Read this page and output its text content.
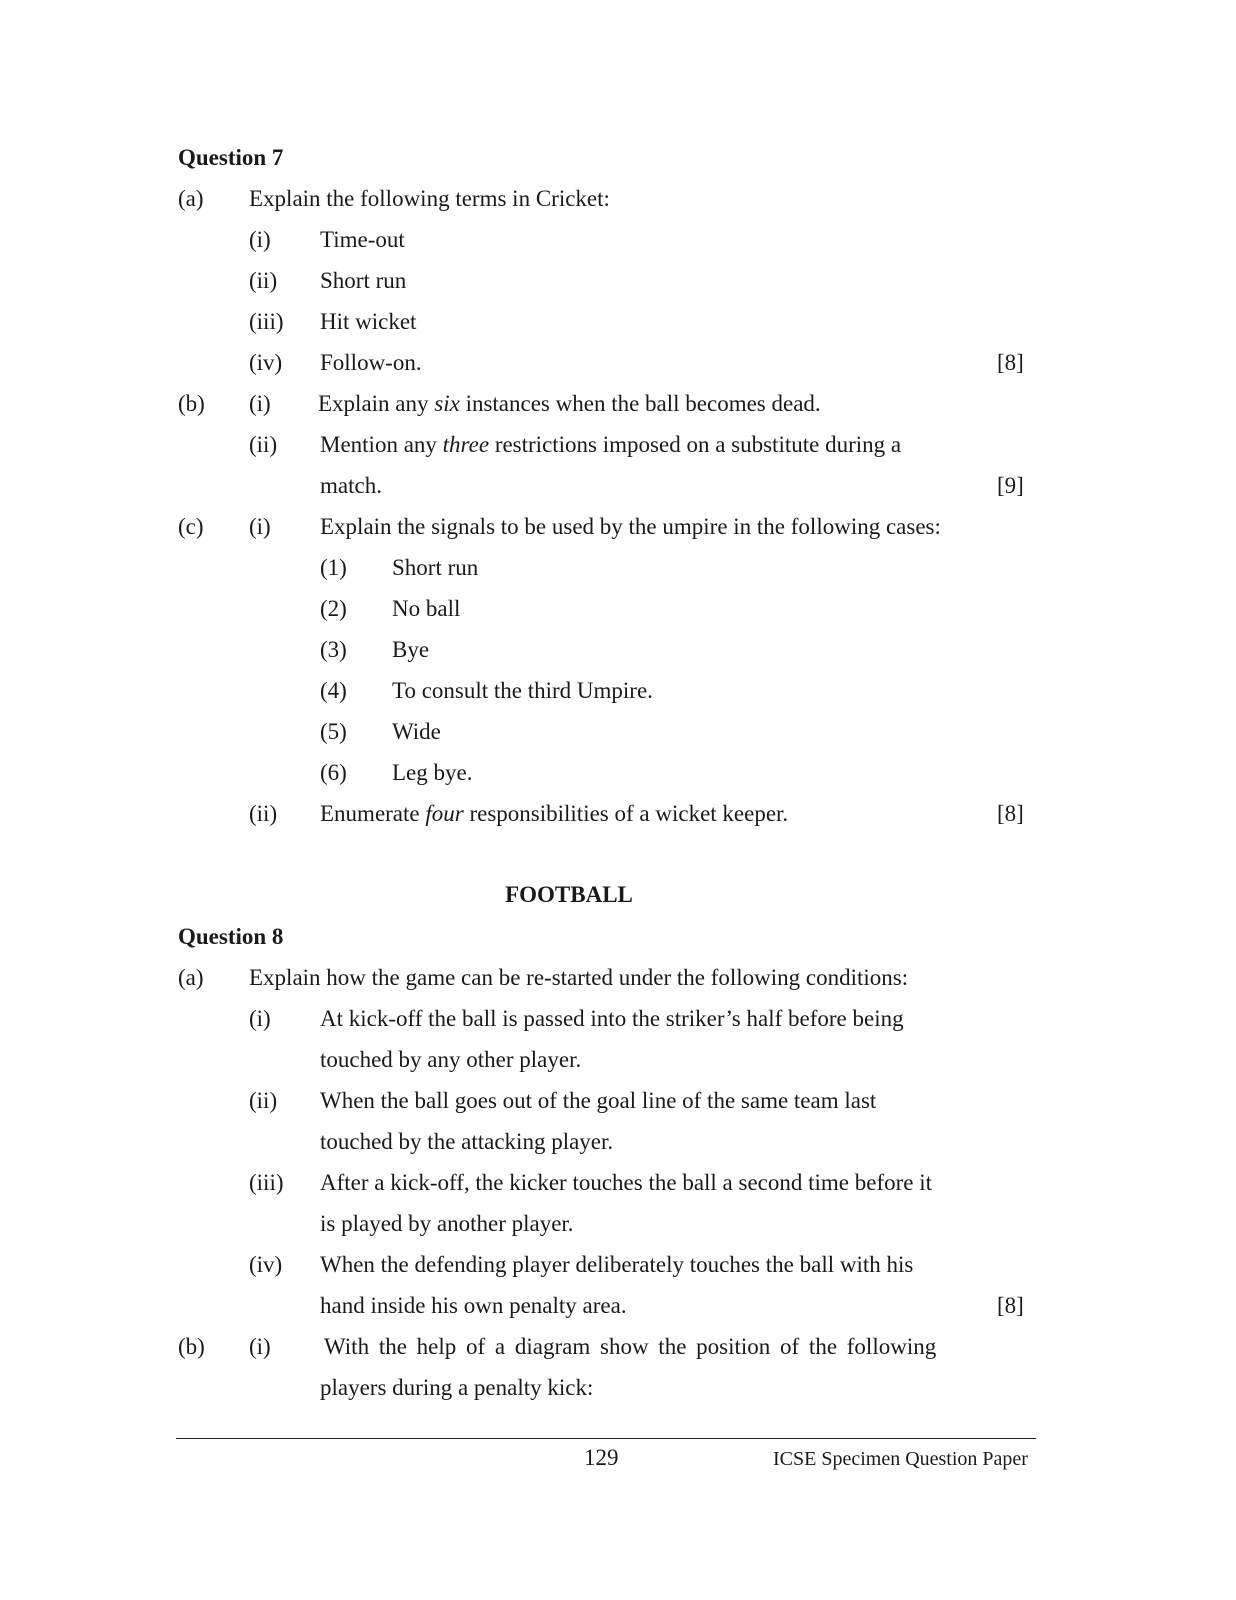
Question 7
(a) Explain the following terms in Cricket:
(i) Time-out
(ii) Short run
(iii) Hit wicket
(iv) Follow-on.	[8]
(b) (i) Explain any six instances when the ball becomes dead.
(ii) Mention any three restrictions imposed on a substitute during a
match.	[9]
(c) (i) Explain the signals to be used by the umpire in the following cases:
(1) Short run
(2) No ball
(3) Bye
(4) To consult the third Umpire.
(5) Wide
(6) Leg bye.
(ii) Enumerate four responsibilities of a wicket keeper.	[8]
FOOTBALL
Question 8
(a) Explain how the game can be re-started under the following conditions:
(i) At kick-off the ball is passed into the striker’s half before being
touched by any other player.
(ii) When the ball goes out of the goal line of the same team last
touched by the attacking player.
(iii) After a kick-off, the kicker touches the ball a second time before it
is played by another player.
(iv) When the defending player deliberately touches the ball with his
hand inside his own penalty area.	[8]
(b) (i) With the help of a diagram show the position of the following
players during a penalty kick:
129	ICSE Specimen Question Paper
